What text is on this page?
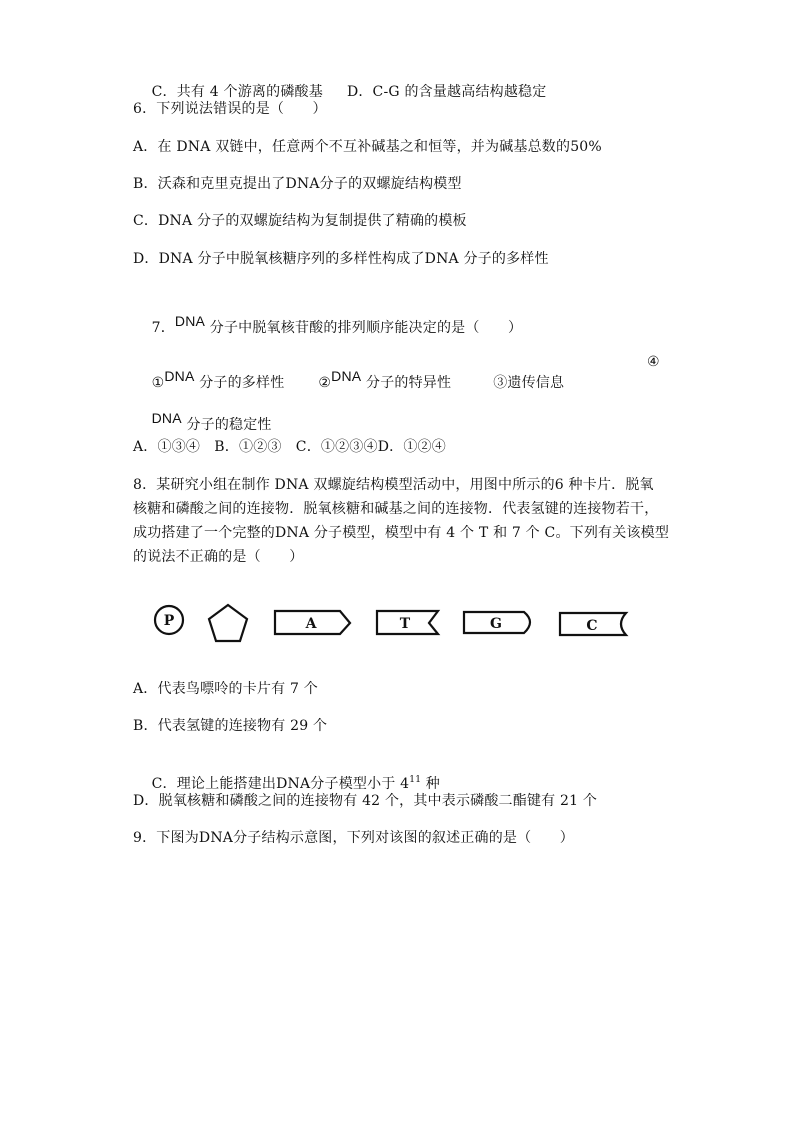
C．共有 4 个游离的磷酸基 D．C-G 的含量越高结构越稳定

6．下列说法错误的是（　　）
A．在 DNA 双链中，任意两个不互补碱基之和恒等，并为碱基总数的50%
B．沃森和克里克提出了DNA分子的双螺旋结构模型
C．DNA 分子的双螺旋结构为复制提供了精确的模板
D．DNA 分子中脱氧核糖序列的多样性构成了DNA 分子的多样性

7．DNA 分子中脱氧核苷酸的排列顺序能决定的是（　　）

①DNA 分子的多样性 ②DNA 分子的特异性	③遗传信息

④

DNA 分子的稳定性

A．①③④　B．①②③　C．①②③④D．①②④
8．某研究小组在制作 DNA 双螺旋结构模型活动中，用图中所示的6 种卡片．脱氧
核糖和磷酸之间的连接物．脱氧核糖和碱基之间的连接物．代表氢键的连接物若干，
成功搭建了一个完整的DNA 分子模型，模型中有 4 个 T 和 7 个 C。下列有关该模型
的说法不正确的是（　　）
P	A	T	G	C
A．代表鸟嘌呤的卡片有 7 个
B．代表氢键的连接物有 29 个

C．理论上能搭建出DNA分子模型小于 $4^{11}$ 种

D．脱氧核糖和磷酸之间的连接物有 42 个，其中表示磷酸二酯键有 21 个
9．下图为DNA分子结构示意图，下列对该图的叙述正确的是（　　）
